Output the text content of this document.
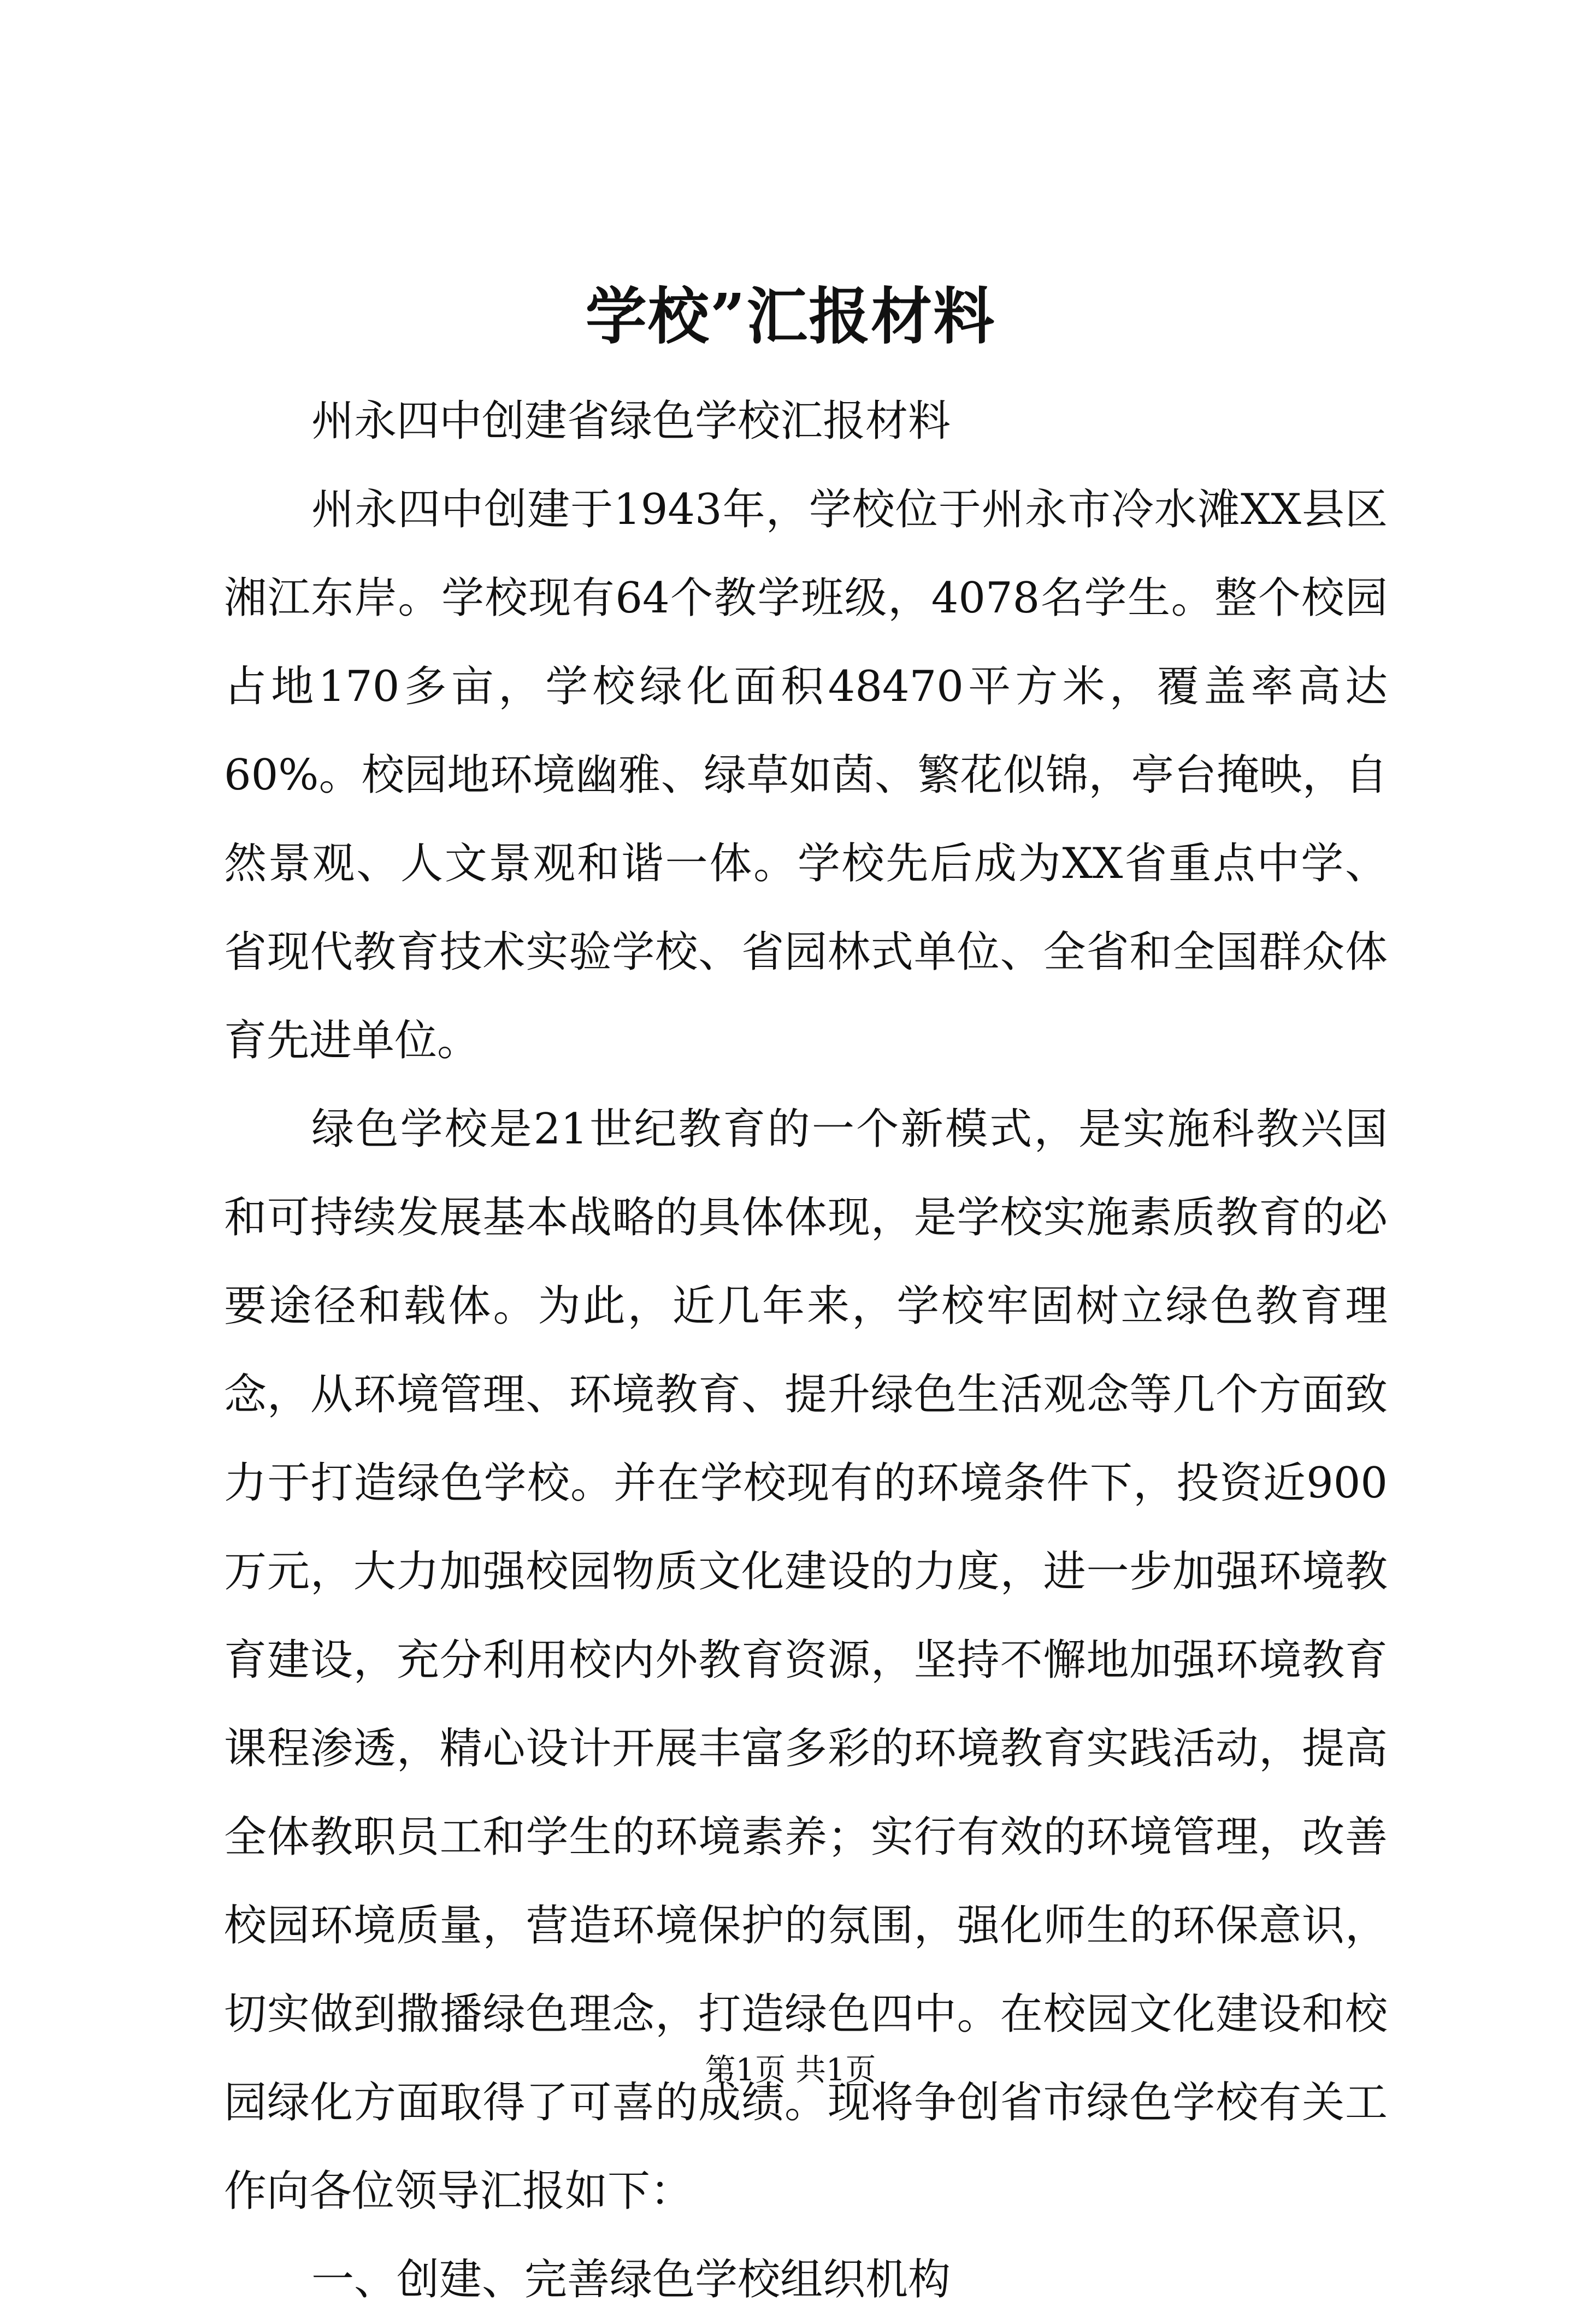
学校”汇报材料

州永四中创建省绿色学校汇报材料

州永四中创建于1943年，学校位于州永市冷水滩XX县区湘江东岸。学校现有64个教学班级，4078名学生。整个校园占地170多亩，学校绿化面积48470平方米，覆盖率高达60%。校园地环境幽雅、绿草如茵、繁花似锦，亭台掩映，自然景观、人文景观和谐一体。学校先后成为XX省重点中学、省现代教育技术实验学校、省园林式单位、全省和全国群众体育先进单位。

绿色学校是21世纪教育的一个新模式，是实施科教兴国和可持续发展基本战略的具体体现，是学校实施素质教育的必要途径和载体。为此，近几年来，学校牢固树立绿色教育理念，从环境管理、环境教育、提升绿色生活观念等几个方面致力于打造绿色学校。并在学校现有的环境条件下，投资近900万元，大力加强校园物质文化建设的力度，进一步加强环境教育建设，充分利用校内外教育资源，坚持不懈地加强环境教育课程渗透，精心设计开展丰富多彩的环境教育实践活动，提高全体教职员工和学生的环境素养；实行有效的环境管理，改善校园环境质量，营造环境保护的氛围，强化师生的环保意识，切实做到撒播绿色理念，打造绿色四中。在校园文化建设和校园绿化方面取得了可喜的成绩。现将争创省市绿色学校有关工作向各位领导汇报如下：

一、创建、完善绿色学校组织机构

第1页 共1页
